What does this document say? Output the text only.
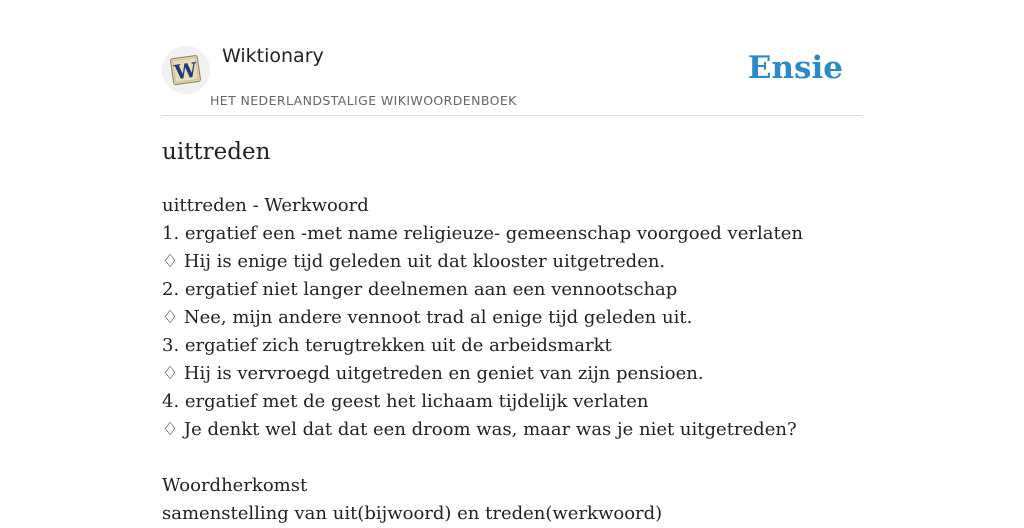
W
Wiktionary
HET NEDERLANDSTALIGE WIKIWOORDENBOEK
Ensie
uittreden
uittreden - Werkwoord
1. ergatief een -met name religieuze- gemeenschap voorgoed verlaten
♢ Hij is enige tijd geleden uit dat klooster uitgetreden.
2. ergatief niet langer deelnemen aan een vennootschap
♢ Nee, mijn andere vennoot trad al enige tijd geleden uit.
3. ergatief zich terugtrekken uit de arbeidsmarkt
♢ Hij is vervroegd uitgetreden en geniet van zijn pensioen.
4. ergatief met de geest het lichaam tijdelijk verlaten
♢ Je denkt wel dat dat een droom was, maar was je niet uitgetreden?
Woordherkomst
samenstelling van uit(bijwoord) en treden(werkwoord)
